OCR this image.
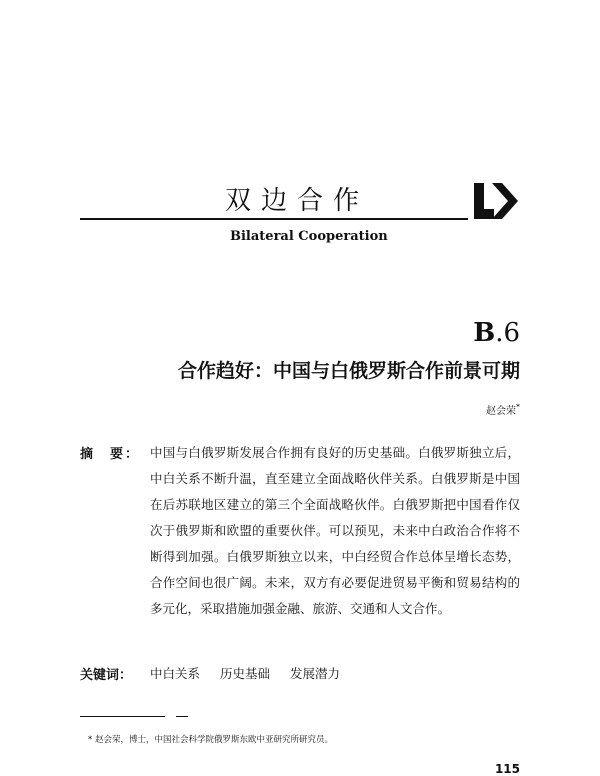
双边合作
Bilateral Cooperation
B.6
合作趋好：中国与白俄罗斯合作前景可期
赵会荣*
摘　要： 中国与白俄罗斯发展合作拥有良好的历史基础。白俄罗斯独立后，中白关系不断升温，直至建立全面战略伙伴关系。白俄罗斯是中国在后苏联地区建立的第三个全面战略伙伴。白俄罗斯把中国看作仅次于俄罗斯和欧盟的重要伙伴。可以预见，未来中白政治合作将不断得到加强。白俄罗斯独立以来，中白经贸合作总体呈增长态势，合作空间也很广阔。未来，双方有必要促进贸易平衡和贸易结构的多元化，采取措施加强金融、旅游、交通和人文合作。
关键词： 中白关系 历史基础 发展潜力
* 赵会荣，博士，中国社会科学院俄罗斯东欧中亚研究所研究员。
115
